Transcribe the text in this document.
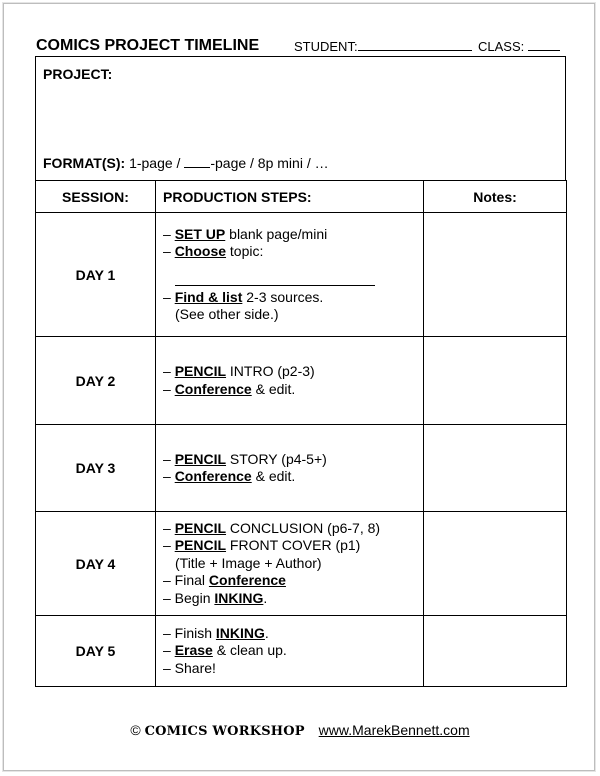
COMICS PROJECT TIMELINE	STUDENT:	CLASS:
PROJECT:
FORMAT(S): 1-page / -page / 8p mini / …
SESSION:	PRODUCTION STEPS:	Notes:
DAY 1	– SET UP blank page/mini
– Choose topic:
– Find & list 2-3 sources.
(See other side.)	

DAY 2	– PENCIL INTRO (p2-3)
– Conference & edit.	

DAY 3	– PENCIL STORY (p4-5+)
– Conference & edit.	

DAY 4	– PENCIL CONCLUSION (p6-7, 8)
– PENCIL FRONT COVER (p1)
(Title + Image + Author)
– Final Conference
– Begin INKING.	

DAY 5	– Finish INKING.
– Erase & clean up.
– Share!	

© COMICS WORKSHOP www.MarekBennett.com
